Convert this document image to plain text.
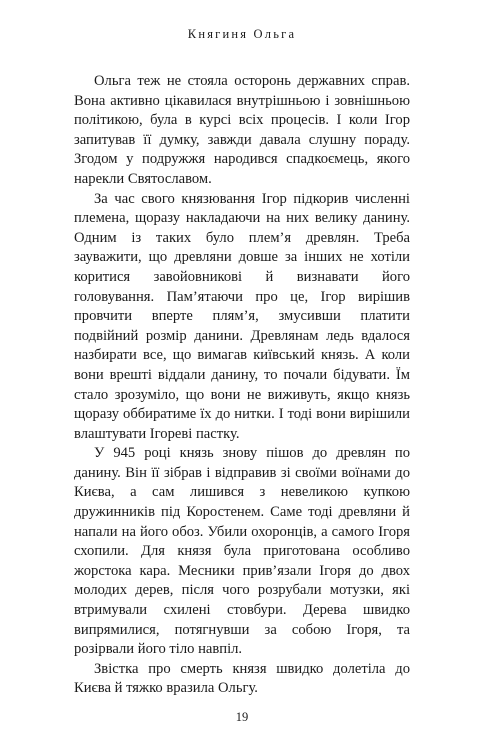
Княгиня Ольга

Ольга теж не стояла осторонь державних справ. Вона активно цікавилася внутрішньою і зовнішньою політикою, була в курсі всіх процесів. І коли Ігор запитував її думку, завжди давала слушну пораду. Згодом у подружжя народився спадкоємець, якого нарекли Святославом.

За час свого князювання Ігор підкорив численні племена, щоразу накладаючи на них велику данину. Одним із таких було плем’я древлян. Треба зауважити, що древляни довше за інших не хотіли коритися завойовникові й визнавати його головування. Пам’ятаючи про це, Ігор вирішив провчити вперте плям’я, змусивши платити подвійний розмір данини. Древлянам ледь вдалося назбирати все, що вимагав київський князь. А коли вони врешті віддали данину, то почали бідувати. Їм стало зрозуміло, що вони не виживуть, якщо князь щоразу оббиратиме їх до нитки. І тоді вони вирішили влаштувати Ігореві пастку.

У 945 році князь знову пішов до древлян по данину. Він її зібрав і відправив зі своїми воїнами до Києва, а сам лишився з невеликою купкою дружинників під Коростенем. Саме тоді древляни й напали на його обоз. Убили охоронців, а самого Ігоря схопили. Для князя була приготована особливо жорстока кара. Месники прив’язали Ігоря до двох молодих дерев, після чого розрубали мотузки, які втримували схилені стовбури. Дерева швидко випрямилися, потягнувши за собою Ігоря, та розірвали його тіло навпіл.

Звістка про смерть князя швидко долетіла до Києва й тяжко вразила Ольгу.

19
